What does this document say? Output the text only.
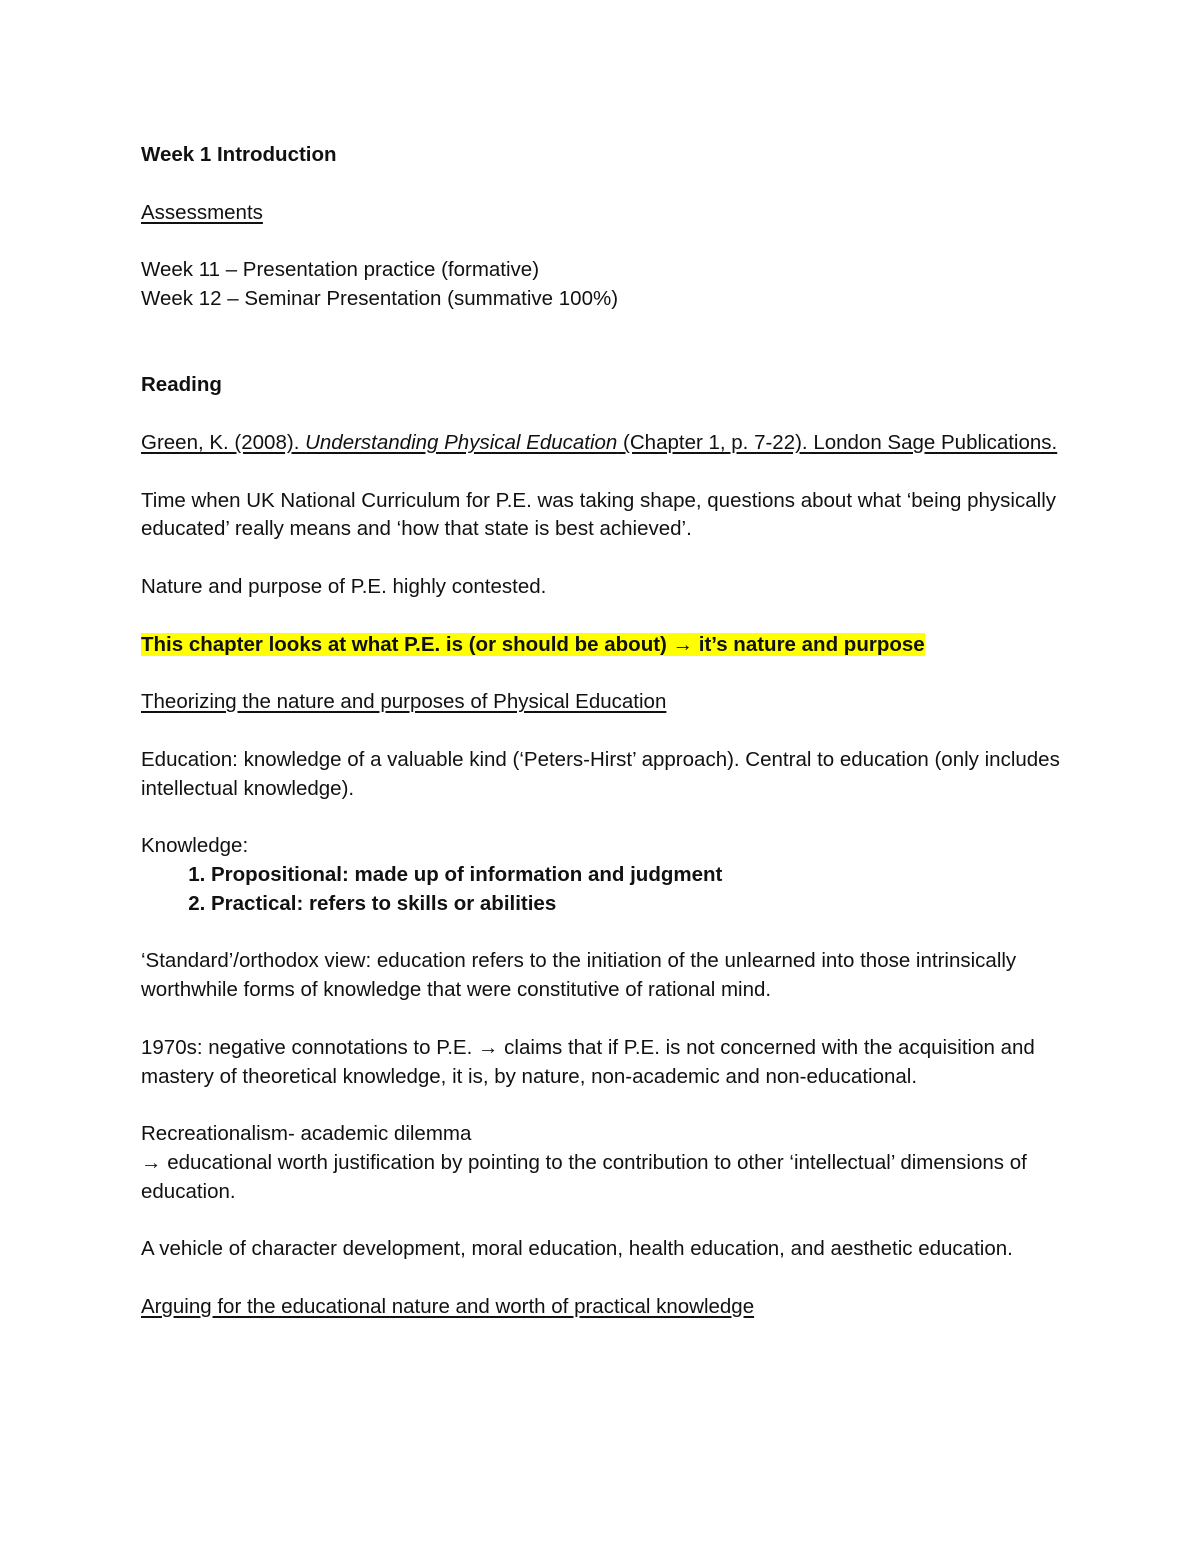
Week 1 Introduction

Assessments

Week 11 – Presentation practice (formative)

Week 12 – Seminar Presentation (summative 100%)

Reading

Green, K. (2008). Understanding Physical Education (Chapter 1, p. 7-22). London Sage Publications.

Time when UK National Curriculum for P.E. was taking shape, questions about what ‘being physically educated’ really means and ‘how that state is best achieved’.

Nature and purpose of P.E. highly contested.

This chapter looks at what P.E. is (or should be about) → it’s nature and purpose

Theorizing the nature and purposes of Physical Education

Education: knowledge of a valuable kind (‘Peters-Hirst’ approach). Central to education (only includes intellectual knowledge).

Knowledge:

1. Propositional: made up of information and judgment
2. Practical: refers to skills or abilities

‘Standard’/orthodox view: education refers to the initiation of the unlearned into those intrinsically worthwhile forms of knowledge that were constitutive of rational mind.

1970s: negative connotations to P.E. → claims that if P.E. is not concerned with the acquisition and mastery of theoretical knowledge, it is, by nature, non-academic and non-educational.

Recreationalism- academic dilemma

→ educational worth justification by pointing to the contribution to other ‘intellectual’ dimensions of education.

A vehicle of character development, moral education, health education, and aesthetic education.

Arguing for the educational nature and worth of practical knowledge
